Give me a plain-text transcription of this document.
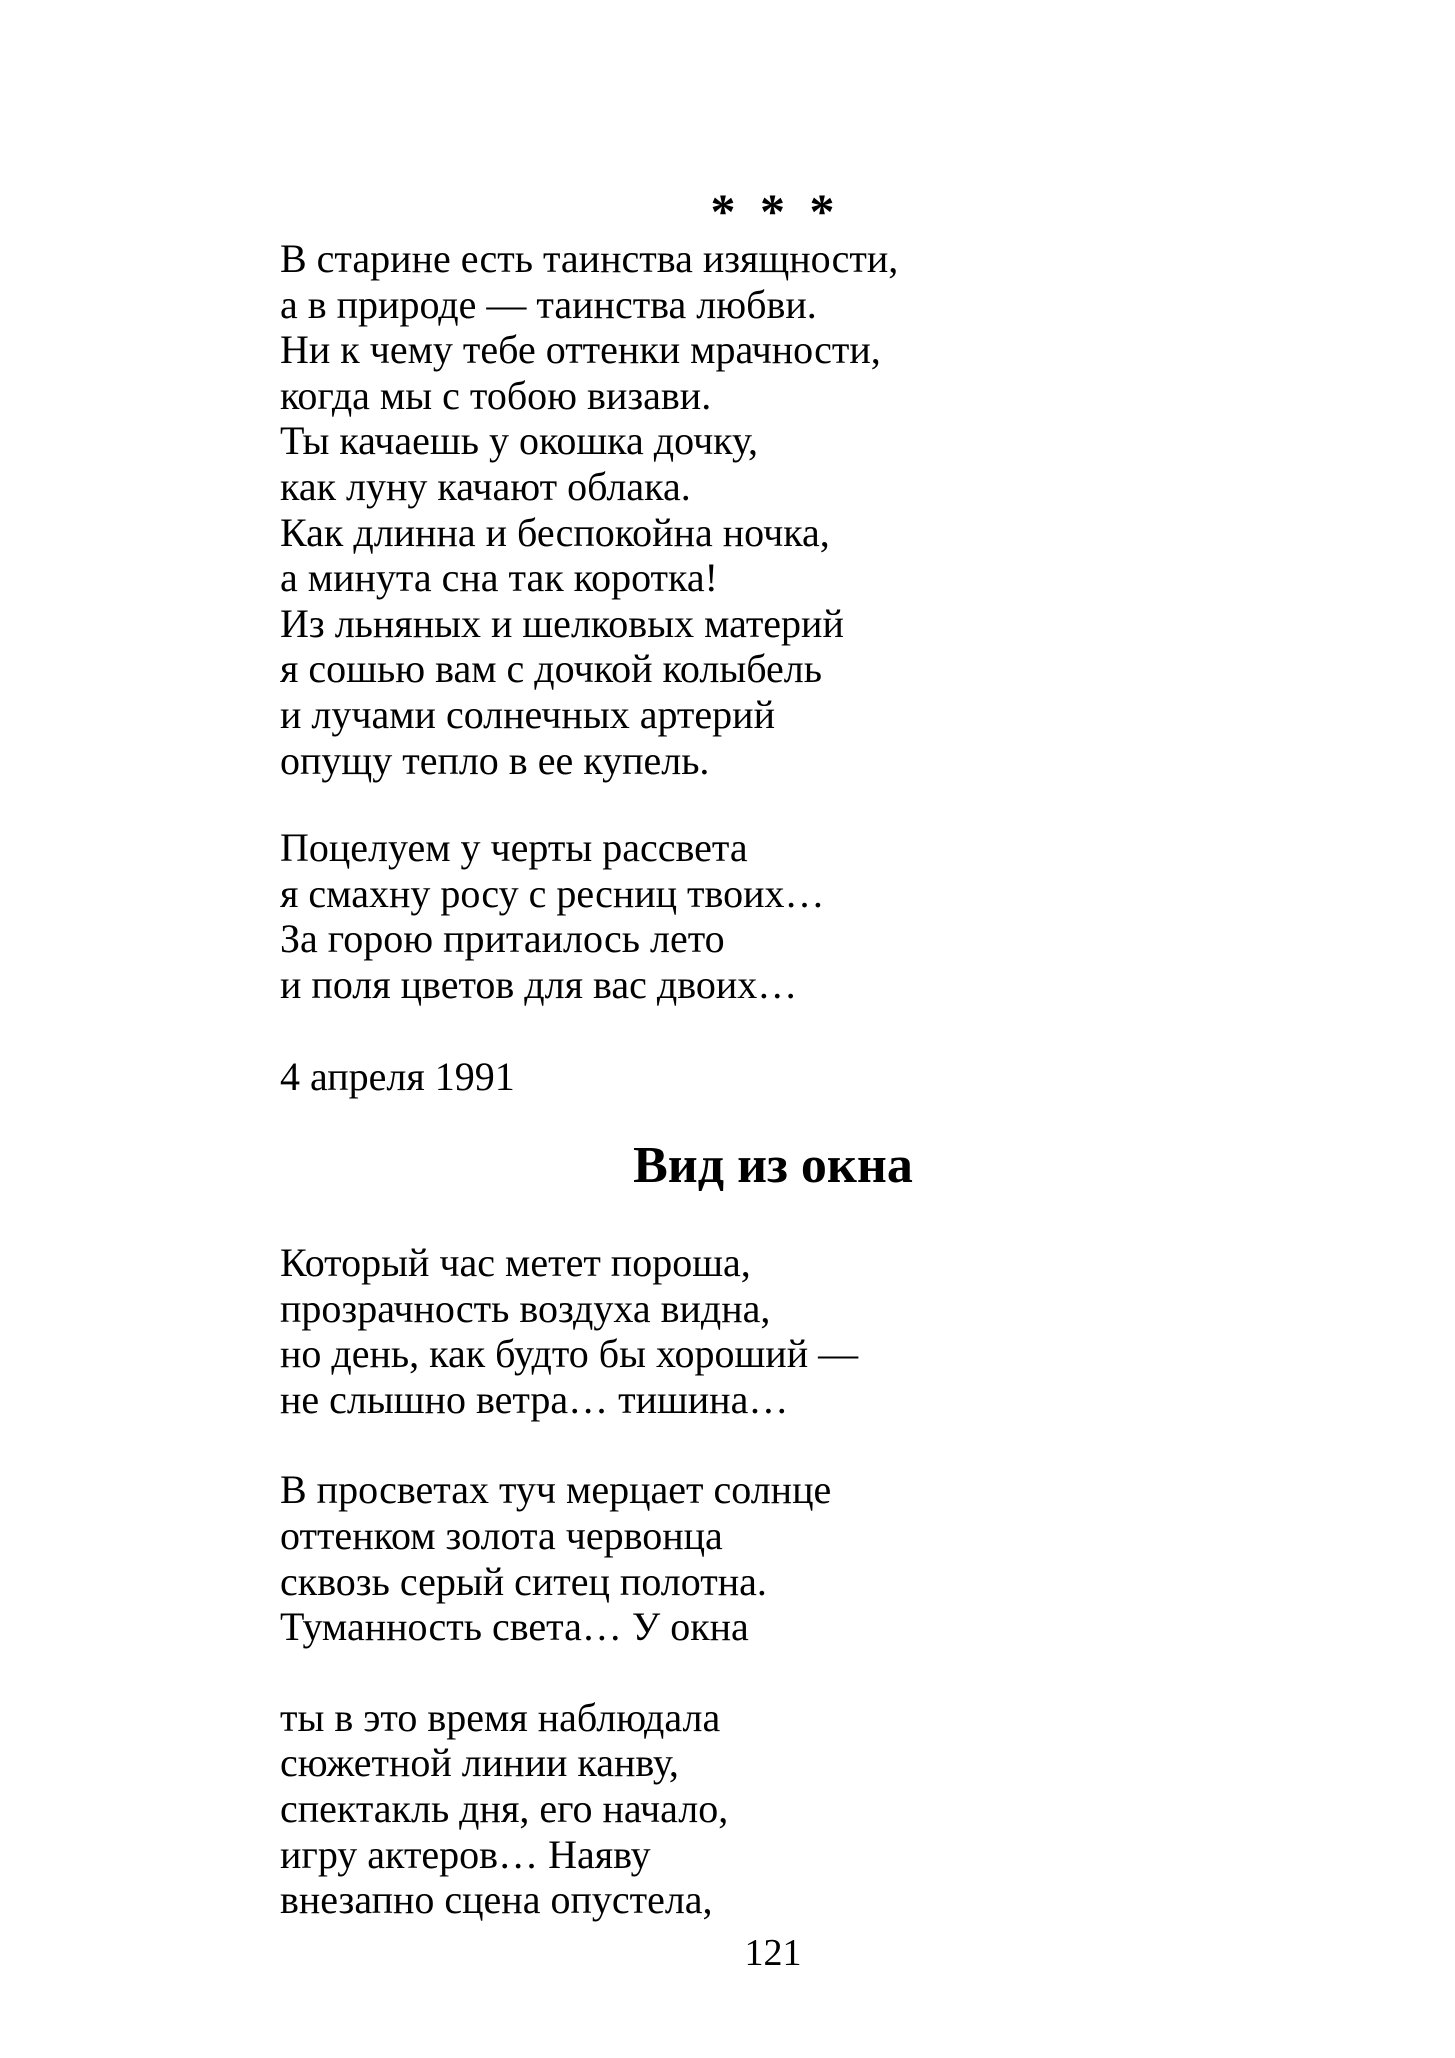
* * *

В старине есть таинства изящности,

а в природе — таинства любви.

Ни к чему тебе оттенки мрачности,

когда мы с тобою визави.

Ты качаешь у окошка дочку,

как луну качают облака.

Как длинна и беспокойна ночка,

а минута сна так коротка!

Из льняных и шелковых материй

я сошью вам с дочкой колыбель

и лучами солнечных артерий

опущу тепло в ее купель.

Поцелуем у черты рассвета

я смахну росу с ресниц твоих…

За горою притаилось лето

и поля цветов для вас двоих…

4 апреля 1991

Вид из окна

Который час метет пороша,

прозрачность воздуха видна,

но день, как будто бы хороший —

не слышно ветра… тишина…

В просветах туч мерцает солнце

оттенком золота червонца

сквозь серый ситец полотна.

Туманность света… У окна

ты в это время наблюдала

сюжетной линии канву,

спектакль дня, его начало,

игру актеров… Наяву

внезапно сцена опустела,

121
